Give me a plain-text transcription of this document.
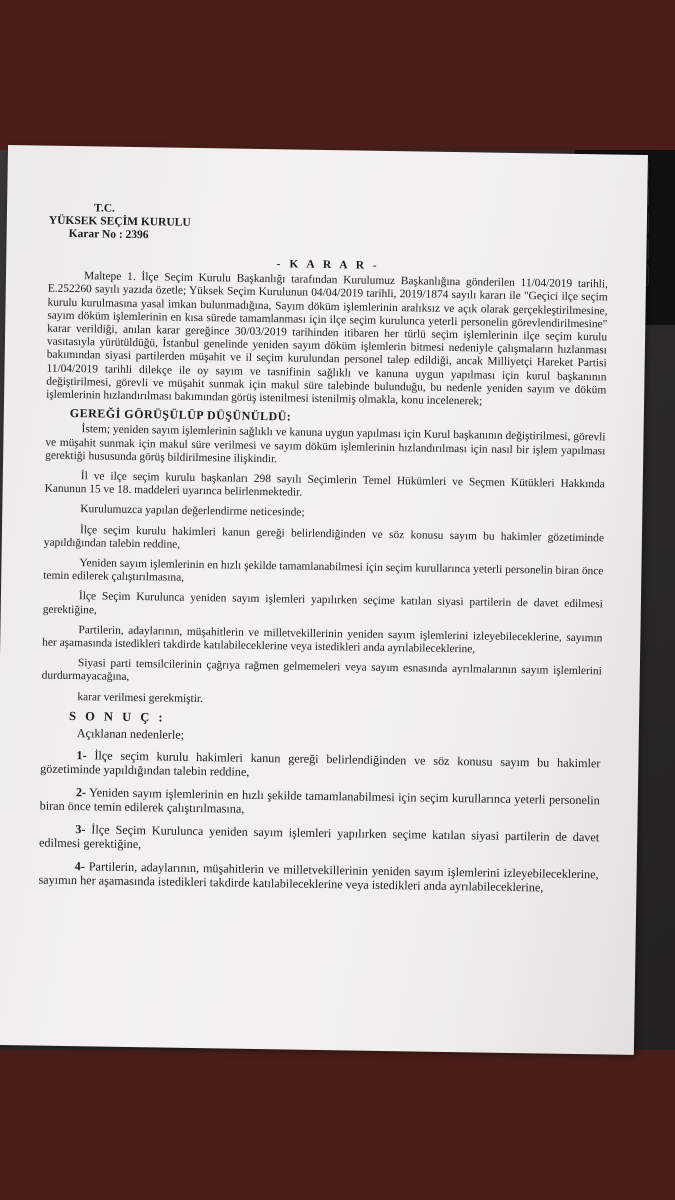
T.C.
YÜKSEK SEÇİM KURULU
Karar No : 2396
- K A R A R -

Maltepe 1. İlçe Seçim Kurulu Başkanlığı tarafından Kurulumuz Başkanlığına gönderilen 11/04/2019 tarihli, E.252260 sayılı yazıda özetle; Yüksek Seçim Kurulunun 04/04/2019 tarihli, 2019/1874 sayılı kararı ile "Geçici ilçe seçim kurulu kurulmasına yasal imkan bulunmadığına, Sayım döküm işlemlerinin aralıksız ve açık olarak gerçekleştirilmesine, sayım döküm işlemlerinin en kısa sürede tamamlanması için ilçe seçim kurulunca yeterli personelin görevlendirilmesine" karar verildiği, anılan karar gereğince 30/03/2019 tarihinden itibaren her türlü seçim işlemlerinin ilçe seçim kurulu vasıtasıyla yürütüldüğü, İstanbul genelinde yeniden sayım döküm işlemlerin bitmesi nedeniyle çalışmaların hızlanması bakımından siyasi partilerden müşahit ve il seçim kurulundan personel talep edildiği, ancak Milliyetçi Hareket Partisi 11/04/2019 tarihli dilekçe ile oy sayım ve tasnifinin sağlıklı ve kanuna uygun yapılması için kurul başkanının değiştirilmesi, görevli ve müşahit sunmak için makul süre talebinde bulunduğu, bu nedenle yeniden sayım ve döküm işlemlerinin hızlandırılması bakımından görüş istenilmesi istenilmiş olmakla, konu incelenerek;

GEREĞİ GÖRÜŞÜLÜP DÜŞÜNÜLDÜ:

İstem; yeniden sayım işlemlerinin sağlıklı ve kanuna uygun yapılması için Kurul başkanının değiştirilmesi, görevli ve müşahit sunmak için makul süre verilmesi ve sayım döküm işlemlerinin hızlandırılması için nasıl bir işlem yapılması gerektiği hususunda görüş bildirilmesine ilişkindir.

İl ve ilçe seçim kurulu başkanları 298 sayılı Seçimlerin Temel Hükümleri ve Seçmen Kütükleri Hakkında Kanunun 15 ve 18. maddeleri uyarınca belirlenmektedir.

Kurulumuzca yapılan değerlendirme neticesinde;

İlçe seçim kurulu hakimleri kanun gereği belirlendiğinden ve söz konusu sayım bu hakimler gözetiminde yapıldığından talebin reddine,

Yeniden sayım işlemlerinin en hızlı şekilde tamamlanabilmesi için seçim kurullarınca yeterli personelin biran önce temin edilerek çalıştırılmasına,

İlçe Seçim Kurulunca yeniden sayım işlemleri yapılırken seçime katılan siyasi partilerin de davet edilmesi gerektiğine,

Partilerin, adaylarının, müşahitlerin ve milletvekillerinin yeniden sayım işlemlerini izleyebileceklerine, sayımın her aşamasında istedikleri takdirde katılabileceklerine veya istedikleri anda ayrılabileceklerine,

Siyasi parti temsilcilerinin çağrıya rağmen gelmemeleri veya sayım esnasında ayrılmalarının sayım işlemlerini durdurmayacağına,

karar verilmesi gerekmiştir.

S O N U Ç :

Açıklanan nedenlerle;

1- İlçe seçim kurulu hakimleri kanun gereği belirlendiğinden ve söz konusu sayım bu hakimler gözetiminde yapıldığından talebin reddine,

2- Yeniden sayım işlemlerinin en hızlı şekilde tamamlanabilmesi için seçim kurullarınca yeterli personelin biran önce temin edilerek çalıştırılmasına,

3- İlçe Seçim Kurulunca yeniden sayım işlemleri yapılırken seçime katılan siyasi partilerin de davet edilmesi gerektiğine,

4- Partilerin, adaylarının, müşahitlerin ve milletvekillerinin yeniden sayım işlemlerini izleyebileceklerine, sayımın her aşamasında istedikleri takdirde katılabileceklerine veya istedikleri anda ayrılabileceklerine,
